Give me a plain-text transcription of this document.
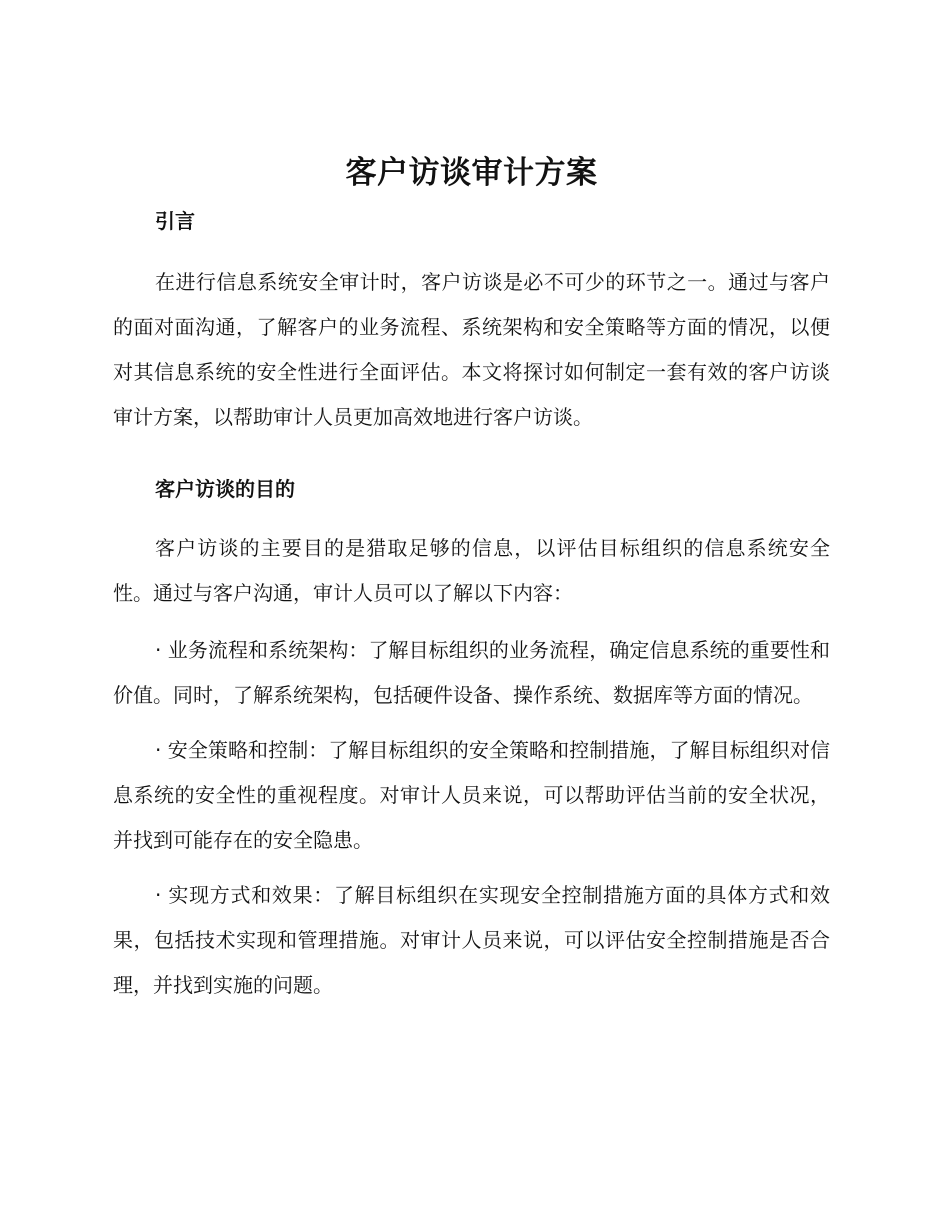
客户访谈审计方案
引言

在进行信息系统安全审计时，客户访谈是必不可少的环节之一。通过与客户的面对面沟通，了解客户的业务流程、系统架构和安全策略等方面的情况，以便对其信息系统的安全性进行全面评估。本文将探讨如何制定一套有效的客户访谈审计方案，以帮助审计人员更加高效地进行客户访谈。

客户访谈的目的

客户访谈的主要目的是猎取足够的信息，以评估目标组织的信息系统安全性。通过与客户沟通，审计人员可以了解以下内容：

· 业务流程和系统架构：了解目标组织的业务流程，确定信息系统的重要性和价值。同时，了解系统架构，包括硬件设备、操作系统、数据库等方面的情况。

· 安全策略和控制：了解目标组织的安全策略和控制措施，了解目标组织对信息系统的安全性的重视程度。对审计人员来说，可以帮助评估当前的安全状况，并找到可能存在的安全隐患。

· 实现方式和效果：了解目标组织在实现安全控制措施方面的具体方式和效果，包括技术实现和管理措施。对审计人员来说，可以评估安全控制措施是否合理，并找到实施的问题。
